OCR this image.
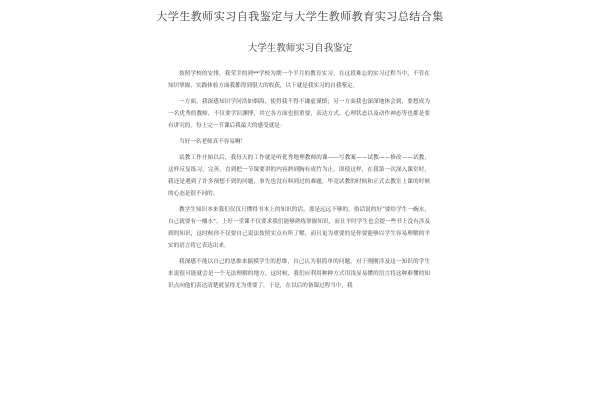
大学生教师实习自我鉴定与大学生教师教育实习总结合集
大学生教师实习自我鉴定

按照学校的安排，我荣幸的到**学校为期一个半月的教育实习，在这段难忘的实习过程当中，不管在知识掌握、实践体验方面我都得到很大的收获，以下就是我实习的自我鉴定。

一方面，我深感知识学问浩如烟海，使得我不得不谦虚谨慎；另一方面我也深深地体会到，要想成为一名优秀的教师，不仅要学识渊博，其它各方面也很重要，表达方式、心理状态以及动作神态等也都是要有讲究的。每上完一节课后我最大的感受就是：

当好一名老师真不容易啊！

试教工作开始以后，我每天的工作就是听优秀地理教师的课——写教案——试教——修改——试教，这样反复练习，完善。直到把一节课要讲的内容熟到胸有成竹为止，即使这样，在我第一次深入课堂时，我还是遇到了许多预想不到的问题，事先也没有料到过的难题，毕竟试教的时候和正式去教室上课的时候的心态是很不同的。

教学生知识本来我们仅仅只懂得书本上的知识的话，那是远远不够的，俗话说的好“要给学生一碗水，自己就要有一桶水”。上好一堂课不仅要求我们能够熟练掌握知识，而且平时学生也会提一些书上没有涉及到的知识，这时候你不仅要自己说法按照实点有所了解，而且更为重要的是你要能够以学生容易理解的平实的语言将它表达出来。

我深感不能以自己的思维来揣摸学生的思维，自己认为很简单的问题，对于刚刚涉及这一知识的学生来说很可能就会是一个无法理解的地方，这时候，我们应利用种种方式用浅显易懂的语言将这种难懂的知识点向他们表达清楚就显得尤为重要了。于是，在以后的备课过程当中，我
